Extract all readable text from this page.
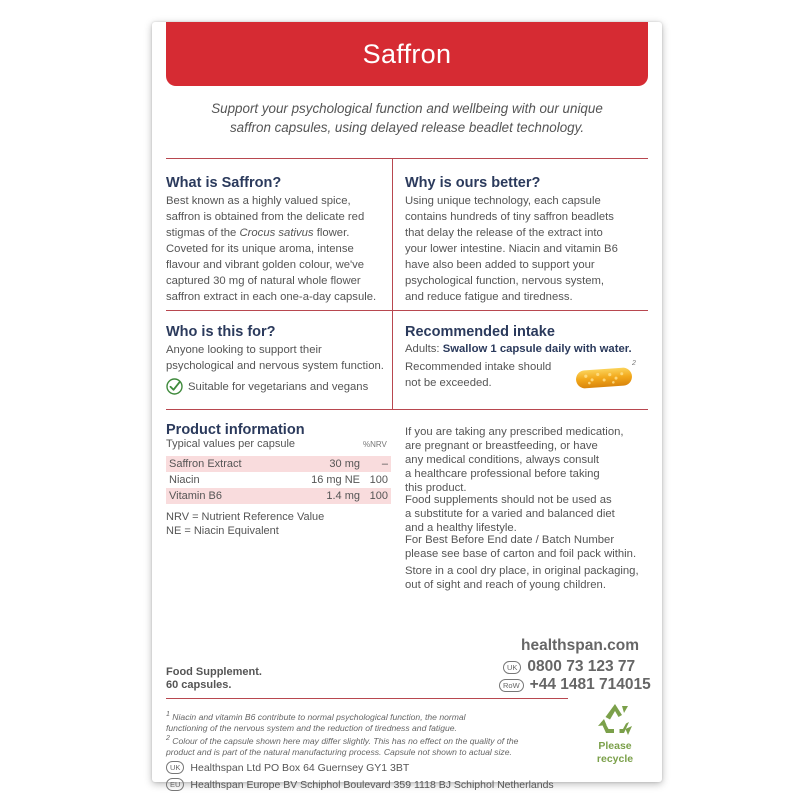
Saffron
Support your psychological function and wellbeing with our unique
saffron capsules, using delayed release beadlet technology.
What is Saffron?
Best known as a highly valued spice,
saffron is obtained from the delicate red
stigmas of the Crocus sativus flower.
Coveted for its unique aroma, intense
flavour and vibrant golden colour, we've
captured 30 mg of natural whole flower
saffron extract in each one-a-day capsule.
Why is ours better?
Using unique technology, each capsule
contains hundreds of tiny saffron beadlets
that delay the release of the extract into
your lower intestine. Niacin and vitamin B6
have also been added to support your
psychological function, nervous system,
and reduce fatigue and tiredness.
Who is this for?
Anyone looking to support their
psychological and nervous system function.
Suitable for vegetarians and vegans
Recommended intake
Adults: Swallow 1 capsule daily with water.
Recommended intake should
not be exceeded.
2
Product information
Typical values per capsule	%NRV
Saffron Extract	30 mg	–
Niacin	16 mg NE	100
Vitamin B6	1.4 mg	100
NRV = Nutrient Reference Value
NE = Niacin Equivalent
If you are taking any prescribed medication,
are pregnant or breastfeeding, or have
any medical conditions, always consult
a healthcare professional before taking
this product.
Food supplements should not be used as
a substitute for a varied and balanced diet
and a healthy lifestyle.
For Best Before End date / Batch Number
please see base of carton and foil pack within.
Store in a cool dry place, in original packaging,
out of sight and reach of young children.
healthspan.com
UK 0800 73 123 77
RoW +44 1481 714015
Food Supplement.
60 capsules.
$^1$ Niacin and vitamin B6 contribute to normal psychological function, the normal
functioning of the nervous system and the reduction of tiredness and fatigue.
$^2$ Colour of the capsule shown here may differ slightly. This has no effect on the quality of the
product and is part of the natural manufacturing process. Capsule not shown to actual size.
UK Healthspan Ltd PO Box 64 Guernsey GY1 3BT
EU Healthspan Europe BV Schiphol Boulevard 359 1118 BJ Schiphol Netherlands
Please
recycle
